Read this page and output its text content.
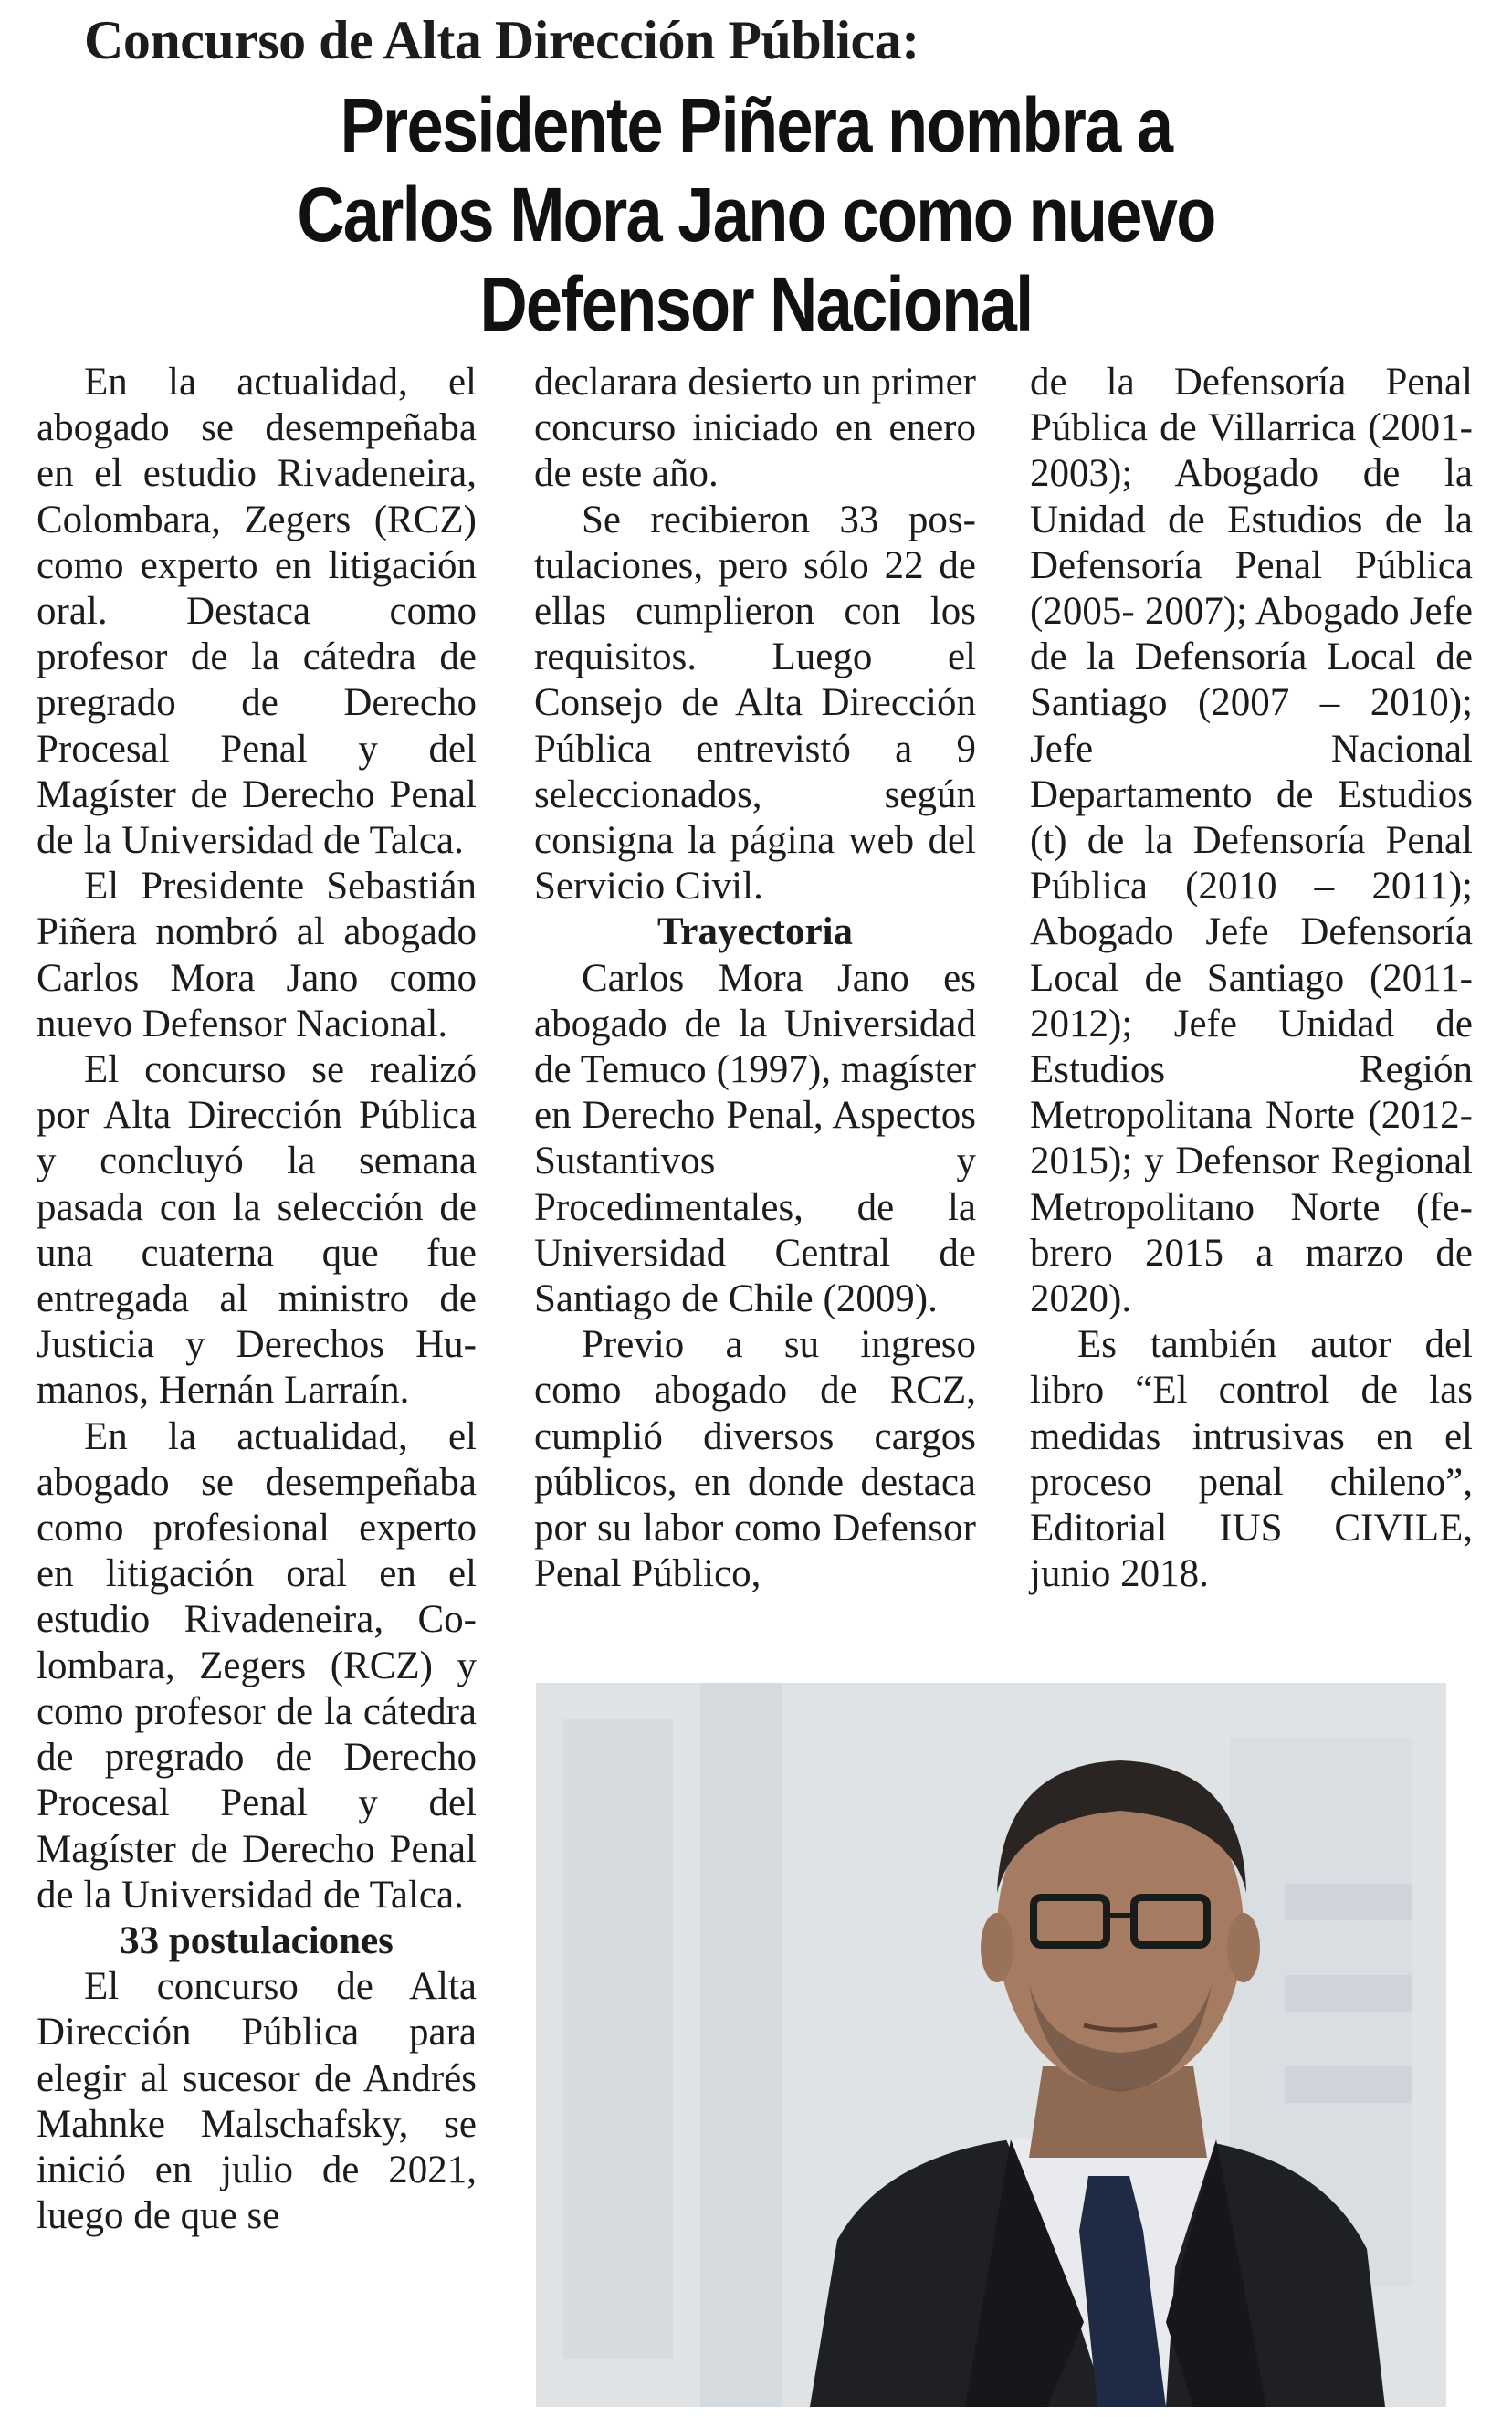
Concurso de Alta Dirección Pública:
Presidente Piñera nombra a
Carlos Mora Jano como nuevo
Defensor Nacional

En la actualidad, el abogado se desempeñaba en el estudio Rivadeneira, Colombara, Zegers (RCZ) como experto en litigación oral. Destaca como profesor de la cátedra de pregrado de Derecho Procesal Penal y del Magíster de Derecho Penal de la Universidad de Talca.

El Presidente Sebastián Piñera nombró al abogado Carlos Mora Jano como nuevo Defensor Nacional.

El concurso se realizó por Alta Dirección Pública y concluyó la semana pasada con la selección de una cuaterna que fue entregada al ministro de Justicia y Derechos Humanos, Hernán Larraín.

En la actualidad, el abogado se desempeñaba como profesional experto en litigación oral en el estudio Rivadeneira, Colombara, Zegers (RCZ) y como profesor de la cátedra de pregrado de Derecho Procesal Penal y del Magíster de Derecho Penal de la Universidad de Talca.

33 postulaciones

El concurso de Alta Dirección Pública para elegir al sucesor de Andrés Mahnke Malschafsky, se inició en julio de 2021, luego de que se

declarara desierto un primer concurso iniciado en enero de este año.

Se recibieron 33 postulaciones, pero sólo 22 de ellas cumplieron con los requisitos. Luego el Consejo de Alta Dirección Pública entrevistó a 9 seleccionados, según consigna la página web del Servicio Civil.

Trayectoria

Carlos Mora Jano es abogado de la Universidad de Temuco (1997), magíster en Derecho Penal, Aspectos Sustantivos y Procedimentales, de la Universidad Central de Santiago de Chile (2009).

Previo a su ingreso como abogado de RCZ, cumplió diversos cargos públicos, en donde destaca por su labor como Defensor Penal Público,

de la Defensoría Penal Pública de Villarrica (2001-2003); Abogado de la Unidad de Estudios de la Defensoría Penal Pública (2005- 2007); Abogado Jefe de la Defensoría Local de Santiago (2007 – 2010); Jefe Nacional Departamento de Estudios (t) de la Defensoría Penal Pública (2010 – 2011); Abogado Jefe Defensoría Local de Santiago (2011-2012); Jefe Unidad de Estudios Región Metropolitana Norte (2012-2015); y Defensor Regional Metropolitano Norte (febrero 2015 a marzo de 2020).

Es también autor del libro “El control de las medidas intrusivas en el proceso penal chileno”, Editorial IUS CIVILE, junio 2018.
